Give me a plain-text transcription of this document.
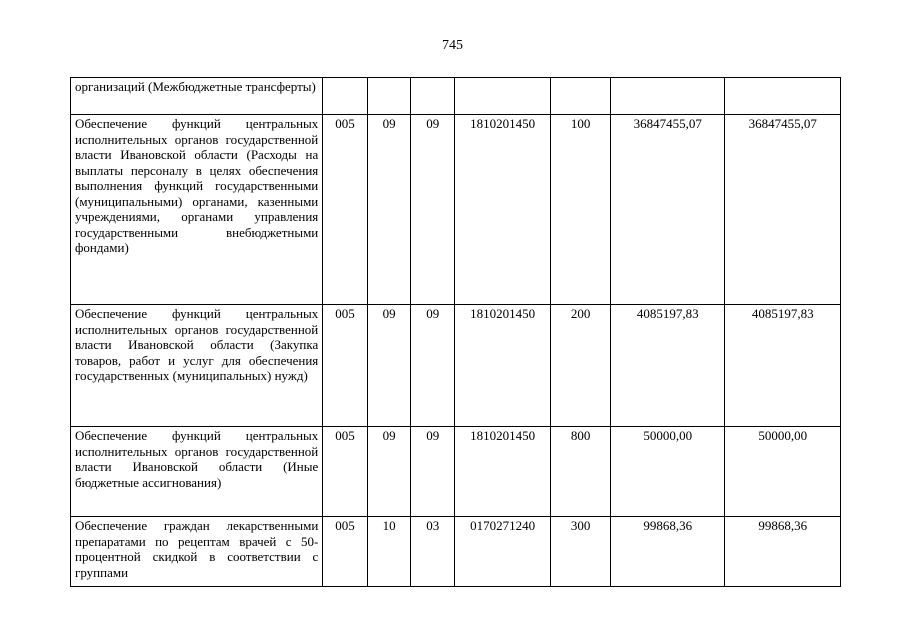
745
организаций (Межбюджетные трансферты)							
Обеспечение функций центральных исполнительных органов государственной власти Ивановской области (Расходы на выплаты персоналу в целях обеспечения выполнения функций государственными (муниципальными) органами, казенными учреждениями, органами управления государственными внебюджетными фондами)	005	09	09	1810201450	100	36847455,07	36847455,07
Обеспечение функций центральных исполнительных органов государственной власти Ивановской области (Закупка товаров, работ и услуг для обеспечения государственных (муниципальных) нужд)	005	09	09	1810201450	200	4085197,83	4085197,83
Обеспечение функций центральных исполнительных органов государственной власти Ивановской области (Иные бюджетные ассигнования)	005	09	09	1810201450	800	50000,00	50000,00
Обеспечение граждан лекарственными препаратами по рецептам врачей с 50-процентной скидкой в соответствии с группами	005	10	03	0170271240	300	99868,36	99868,36
